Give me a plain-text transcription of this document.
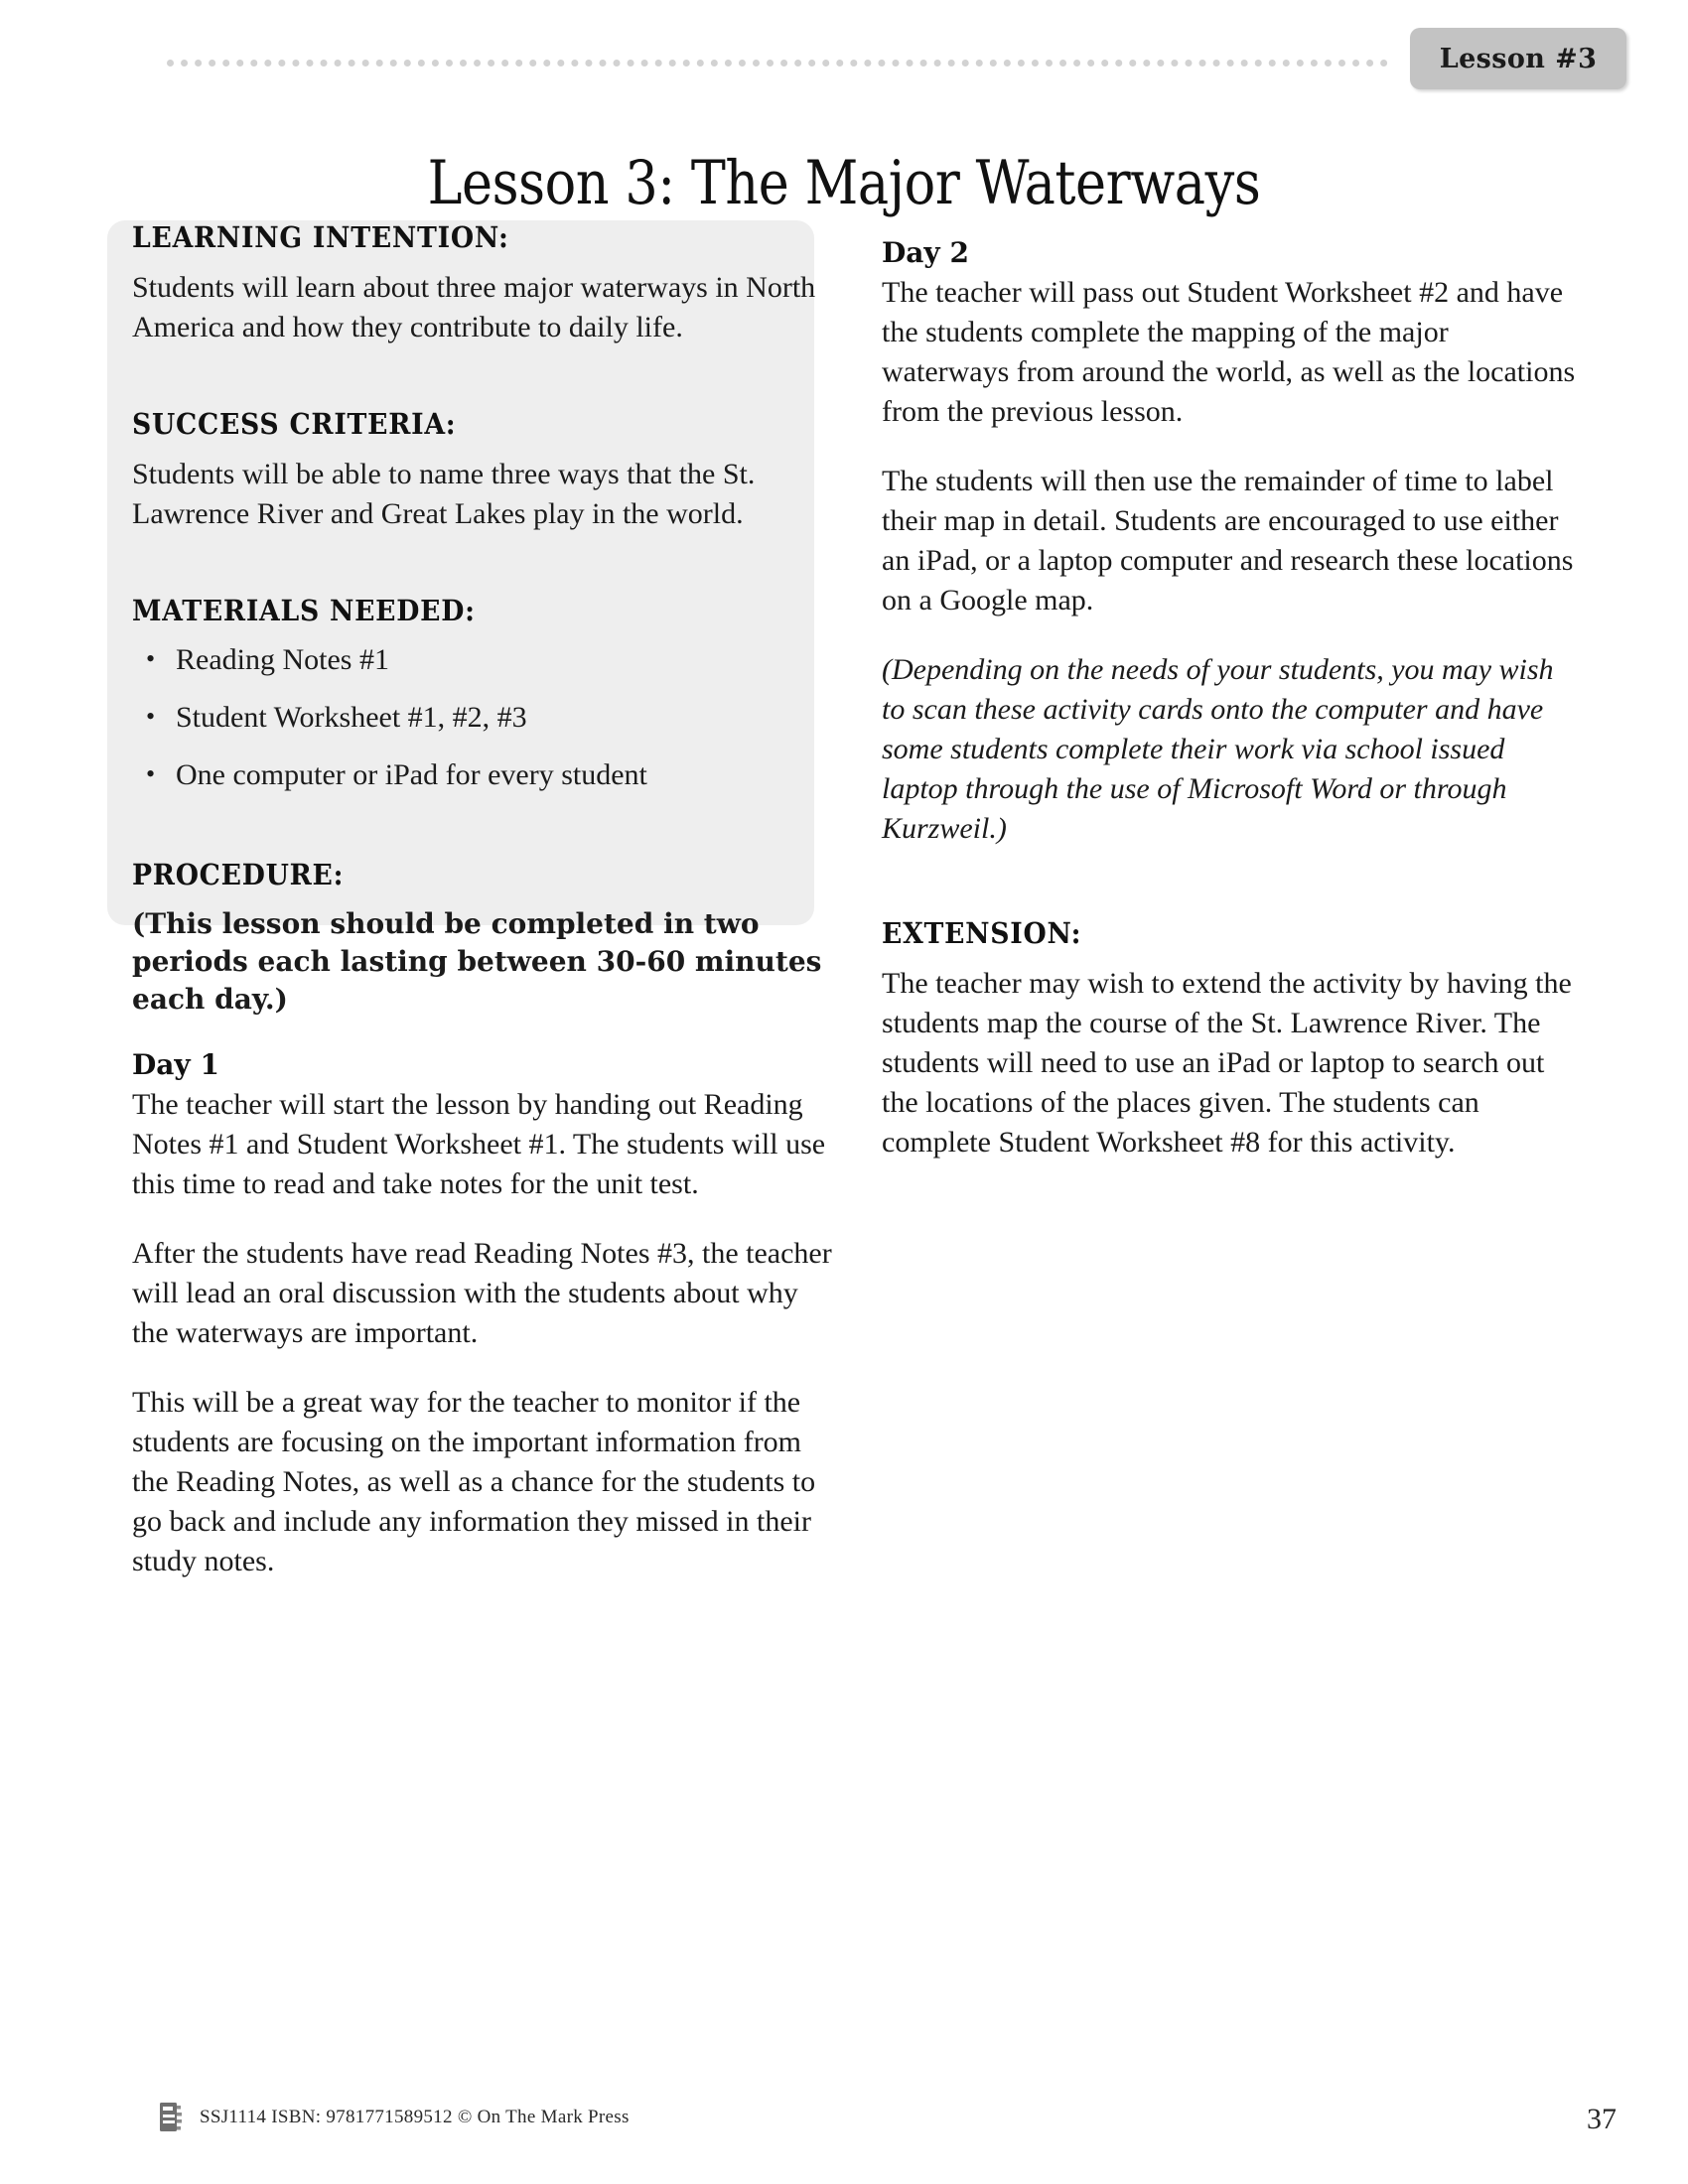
Lesson #3
Lesson 3: The Major Waterways
LEARNING INTENTION:

Students will learn about three major waterways in North America and how they contribute to daily life.

SUCCESS CRITERIA:

Students will be able to name three ways that the St. Lawrence River and Great Lakes play in the world.

MATERIALS NEEDED:
• Reading Notes #1
• Student Worksheet #1, #2, #3
• One computer or iPad for every student
PROCEDURE:

(This lesson should be completed in two periods each lasting between 30-60 minutes each day.)

Day 1

The teacher will start the lesson by handing out Reading Notes #1 and Student Worksheet #1. The students will use this time to read and take notes for the unit test.

After the students have read Reading Notes #3, the teacher will lead an oral discussion with the students about why the waterways are important.

This will be a great way for the teacher to monitor if the students are focusing on the important information from the Reading Notes, as well as a chance for the students to go back and include any information they missed in their study notes.

Day 2

The teacher will pass out Student Worksheet #2 and have the students complete the mapping of the major waterways from around the world, as well as the locations from the previous lesson.

The students will then use the remainder of time to label their map in detail. Students are encouraged to use either an iPad, or a laptop computer and research these locations on a Google map.

(Depending on the needs of your students, you may wish to scan these activity cards onto the computer and have some students complete their work via school issued laptop through the use of Microsoft Word or through Kurzweil.)

EXTENSION:

The teacher may wish to extend the activity by having the students map the course of the St. Lawrence River. The students will need to use an iPad or laptop to search out the locations of the places given. The students can complete Student Worksheet #8 for this activity.

SSJ1114 ISBN: 9781771589512 © On The Mark Press	37
